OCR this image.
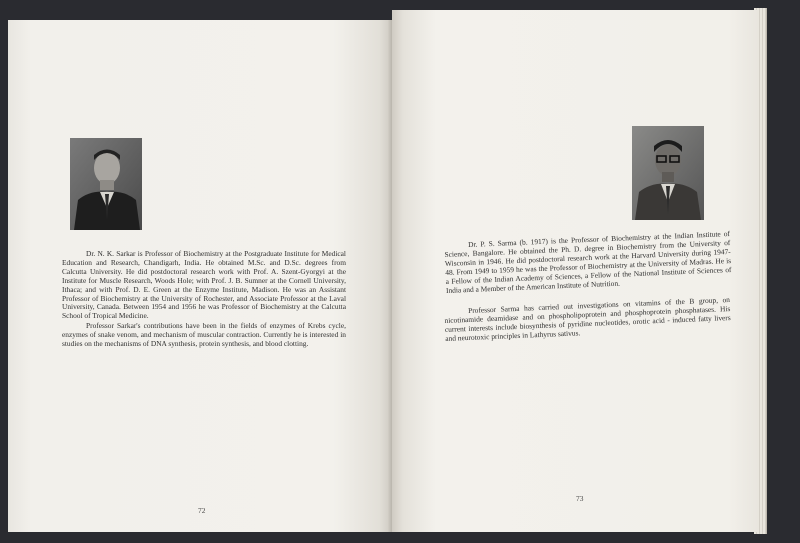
Dr. N. K. Sarkar is Professor of Biochemistry at the Postgraduate Institute for Medical Education and Research, Chandigarh, India. He obtained M.Sc. and D.Sc. degrees from Calcutta University. He did postdoctoral research work with Prof. A. Szent-Gyorgyi at the Institute for Muscle Research, Woods Hole; with Prof. J. B. Sumner at the Cornell University, Ithaca; and with Prof. D. E. Green at the Enzyme Institute, Madison. He was an Assistant Professor of Biochemistry at the University of Rochester, and Associate Professor at the Laval University, Canada. Between 1954 and 1956 he was Professor of Biochemistry at the Calcutta School of Tropical Medicine.

Professor Sarkar's contributions have been in the fields of enzymes of Krebs cycle, enzymes of snake venom, and mechanism of muscular contraction. Currently he is interested in studies on the mechanisms of DNA synthesis, protein synthesis, and blood clotting.

72

Dr. P. S. Sarma (b. 1917) is the Professor of Biochemistry at the Indian Institute of Science, Bangalore. He obtained the Ph. D. degree in Biochemistry from the University of Wisconsin in 1946. He did postdoctoral research work at the Harvard University during 1947-48. From 1949 to 1959 he was the Professor of Biochemistry at the University of Madras. He is a Fellow of the Indian Academy of Sciences, a Fellow of the National Institute of Sciences of India and a Member of the American Institute of Nutrition.

Professor Sarma has carried out investigations on vitamins of the B group, on nicotinamide deamidase and on phospholipoprotein and phosphoprotein phosphatases. His current interests include biosynthesis of pyridine nucleotides, orotic acid - induced fatty livers and neurotoxic principles in Lathyrus sativus.

73
